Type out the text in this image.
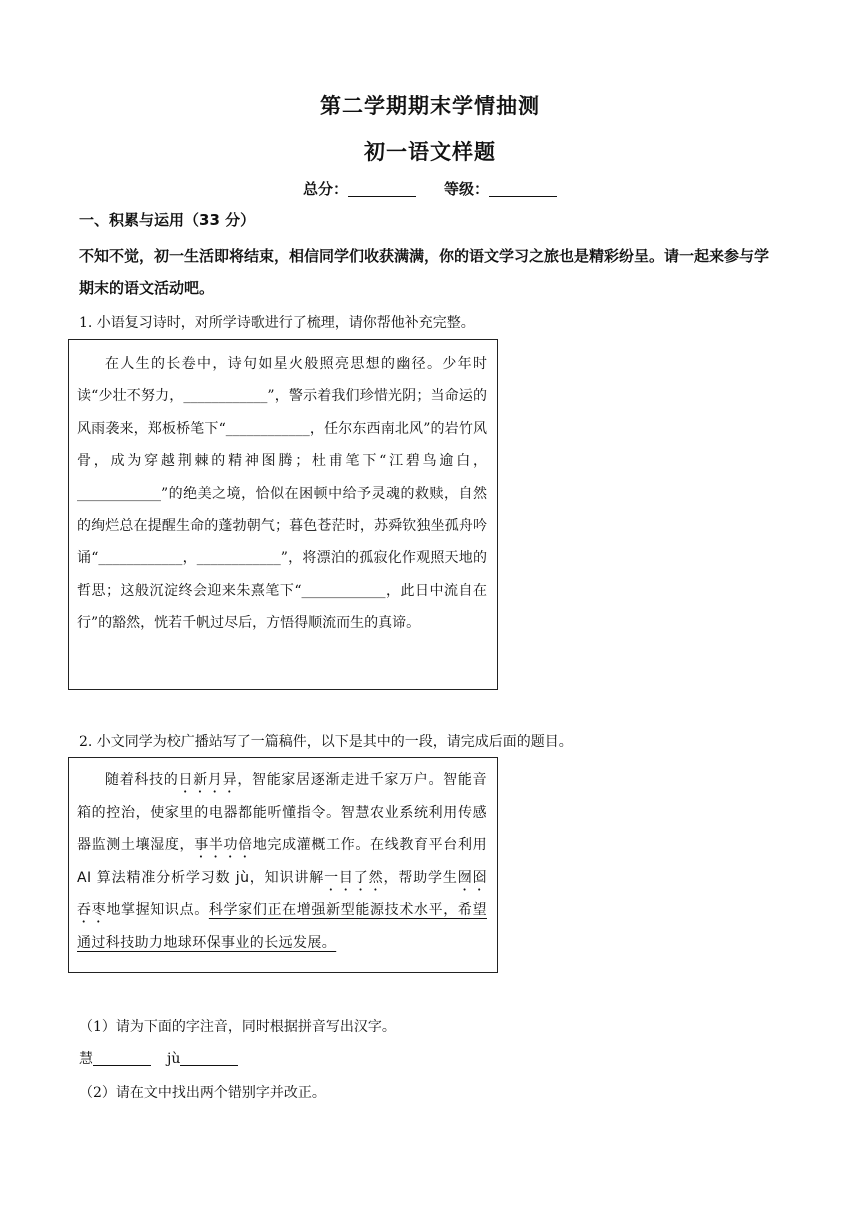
第二学期期末学情抽测
初一语文样题
总分：	等级：
一、积累与运用（33 分）
不知不觉，初一生活即将结束，相信同学们收获满满，你的语文学习之旅也是精彩纷呈。请一起来参与学期末的语文活动吧。
1. 小语复习诗时，对所学诗歌进行了梳理，请你帮他补充完整。

在人生的长卷中，诗句如星火般照亮思想的幽径。少年时读“少壮不努力，____________”，警示着我们珍惜光阴；当命运的风雨袭来，郑板桥笔下“____________，任尔东西南北风”的岩竹风骨，成为穿越荆棘的精神图腾；杜甫笔下“江碧鸟逾白，____________”的绝美之境，恰似在困顿中给予灵魂的救赎，自然的绚烂总在提醒生命的蓬勃朝气；暮色苍茫时，苏舜钦独坐孤舟吟诵“____________，____________”，将漂泊的孤寂化作观照天地的哲思；这般沉淀终会迎来朱熹笔下“____________，此日中流自在行”的豁然，恍若千帆过尽后，方悟得顺流而生的真谛。

2. 小文同学为校广播站写了一篇稿件，以下是其中的一段，请完成后面的题目。

随着科技的日新月异，智能家居逐渐走进千家万户。智能音箱的控治，使家里的电器都能听懂指令。智慧农业系统利用传感器监测土壤湿度，事半功倍地完成灌概工作。在线教育平台利用 AI 算法精准分析学习数 jù，知识讲解一目了然，帮助学生囫囵吞枣地掌握知识点。科学家们正在增强新型能源技术水平，希望通过科技助力地球环保事业的长远发展。

（1）请为下面的字注音，同时根据拼音写出汉字。
慧	jù
（2）请在文中找出两个错别字并改正。
